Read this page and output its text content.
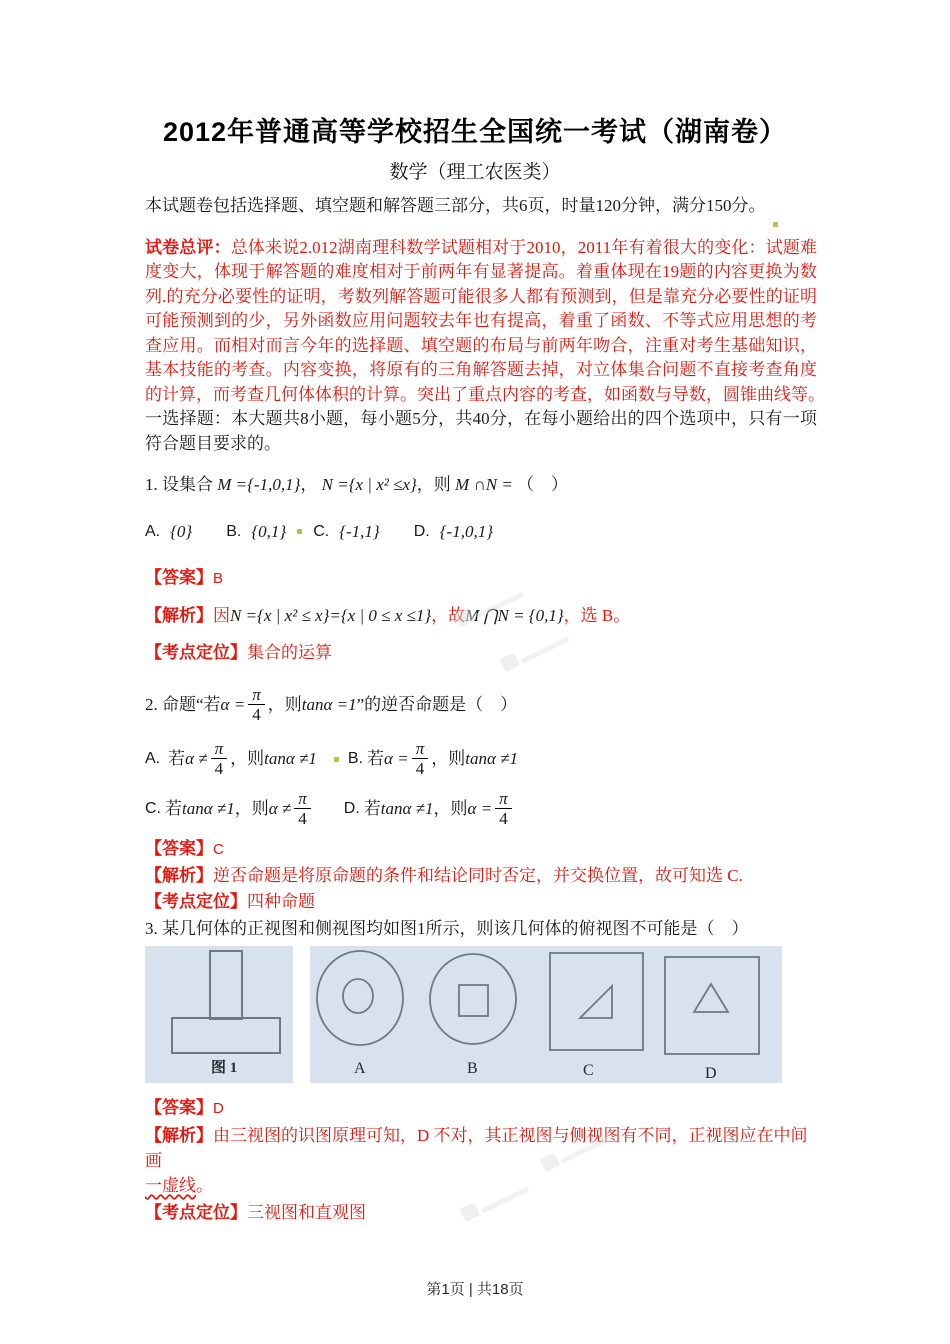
2012年普通高等学校招生全国统一考试（湖南卷）
数学（理工农医类）

本试题卷包括选择题、填空题和解答题三部分，共6页，时量120分钟，满分150分。

试卷总评：总体来说2.012湖南理科数学试题相对于2010，2011年有着很大的变化：试题难度变大，体现于解答题的难度相对于前两年有显著提高。着重体现在19题的内容更换为数列.的充分必要性的证明，考数列解答题可能很多人都有预测到，但是靠充分必要性的证明可能预测到的少，另外函数应用问题较去年也有提高，着重了函数、不等式应用思想的考查应用。而相对而言今年的选择题、填空题的布局与前两年吻合，注重对考生基础知识，基本技能的考查。内容变换，将原有的三角解答题去掉，对立体集合问题不直接考查角度的计算，而考查几何体体积的计算。突出了重点内容的考查，如函数与导数，圆锥曲线等。　一选择题：本大题共8小题，每小题5分，共40分，在每小题给出的四个选项中，只有一项符合题目要求的。

1. 设集合 M ={-1,0,1}， N ={x | x² ≤x}，则 M ∩N = （　）
A. {0} B. {0,1} C. {-1,1} D. {-1,0,1}
【答案】B
【解析】因N ={x | x² ≤ x}={x | 0 ≤ x ≤1}，故M ⋂N = {0,1}，选 B。
【考点定位】集合的运算
2.
命题“若 $\alpha = \frac{\pi}{4}$ ，则 tanα =1 ”的逆否命题是（　）
A. 若 $\alpha \ne \frac{\pi}{4}$ ，则 tanα ≠1 B. 若 $\alpha = \frac{\pi}{4}$ ，则 tanα ≠1
C. 若 tanα ≠1 ，则 $\alpha \ne \frac{\pi}{4} D$. 若 tanα ≠1 ，则 $\alpha = \frac{\pi}{4}$
【答案】C
【解析】逆否命题是将原命题的条件和结论同时否定，并交换位置，故可知选 C.
【考点定位】四种命题
3. 某几何体的正视图和侧视图均如图1所示，则该几何体的俯视图不可能是（　）
图 1	A	B	C	D
【答案】D
【解析】由三视图的识图原理可知，D 不对，其正视图与侧视图有不同，正视图应在中间画
一虚线。
【考点定位】三视图和直观图
第1页 | 共18页
